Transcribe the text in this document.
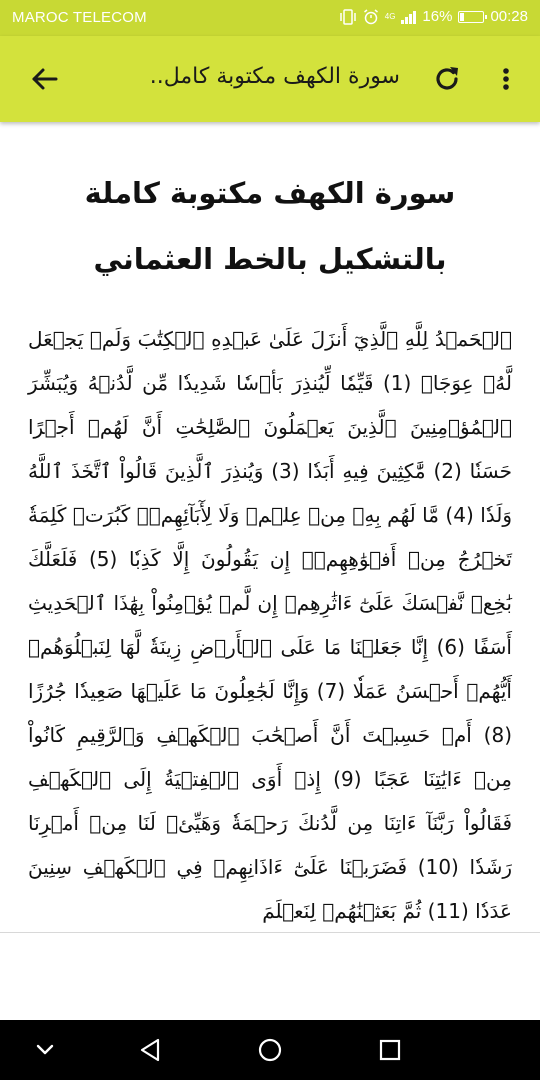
MAROC TELECOM	4G 16%	00:28
سورة الكهف مكتوبة كامل..
سورة الكهف مكتوبة كاملة بالتشكيل بالخط العثماني
ٱلۡحَمۡدُ لِلَّهِ ٱلَّذِيٓ أَنزَلَ عَلَىٰ عَبۡدِهِ ٱلۡكِتَٰبَ وَلَمۡ يَجۡعَل لَّهُۥ عِوَجَاۜ (1) قَيِّمٗا لِّيُنذِرَ بَأۡسٗا شَدِيدٗا مِّن لَّدُنۡهُ وَيُبَشِّرَ ٱلۡمُؤۡمِنِينَ ٱلَّذِينَ يَعۡمَلُونَ ٱلصَّٰلِحَٰتِ أَنَّ لَهُمۡ أَجۡرًا حَسَنٗا (2) مَّٰكِثِينَ فِيهِ أَبَدٗا (3) وَيُنذِرَ ٱلَّذِينَ قَالُواْ ٱتَّخَذَ ٱللَّهُ وَلَدٗا (4) مَّا لَهُم بِهِۦ مِنۡ عِلۡمٖ وَلَا لِأٓبَآئِهِمۡۚ كَبُرَتۡ كَلِمَةٗ تَخۡرُجُ مِنۡ أَفۡوَٰهِهِمۡۚ إِن يَقُولُونَ إِلَّا كَذِبٗا (5) فَلَعَلَّكَ بَٰخِعٞ نَّفۡسَكَ عَلَىٰٓ ءَاثَٰرِهِمۡ إِن لَّمۡ يُؤۡمِنُواْ بِهَٰذَا ٱلۡحَدِيثِ أَسَفًا (6) إِنَّا جَعَلۡنَا مَا عَلَى ٱلۡأَرۡضِ زِينَةٗ لَّهَا لِنَبۡلُوَهُمۡ أَيُّهُمۡ أَحۡسَنُ عَمَلٗا (7) وَإِنَّا لَجَٰعِلُونَ مَا عَلَيۡهَا صَعِيدٗا جُرُزًا (8) أَمۡ حَسِبۡتَ أَنَّ أَصۡحَٰبَ ٱلۡكَهۡفِ وَٱلرَّقِيمِ كَانُواْ مِنۡ ءَايَٰتِنَا عَجَبًا (9) إِذۡ أَوَى ٱلۡفِتۡيَةُ إِلَى ٱلۡكَهۡفِ فَقَالُواْ رَبَّنَآ ءَاتِنَا مِن لَّدُنكَ رَحۡمَةٗ وَهَيِّئۡ لَنَا مِنۡ أَمۡرِنَا رَشَدٗا (10) فَضَرَبۡنَا عَلَىٰٓ ءَاذَانِهِمۡ فِي ٱلۡكَهۡفِ سِنِينَ عَدَدٗا (11) ثُمَّ بَعَثۡنَٰهُمۡ لِنَعۡلَمَ
